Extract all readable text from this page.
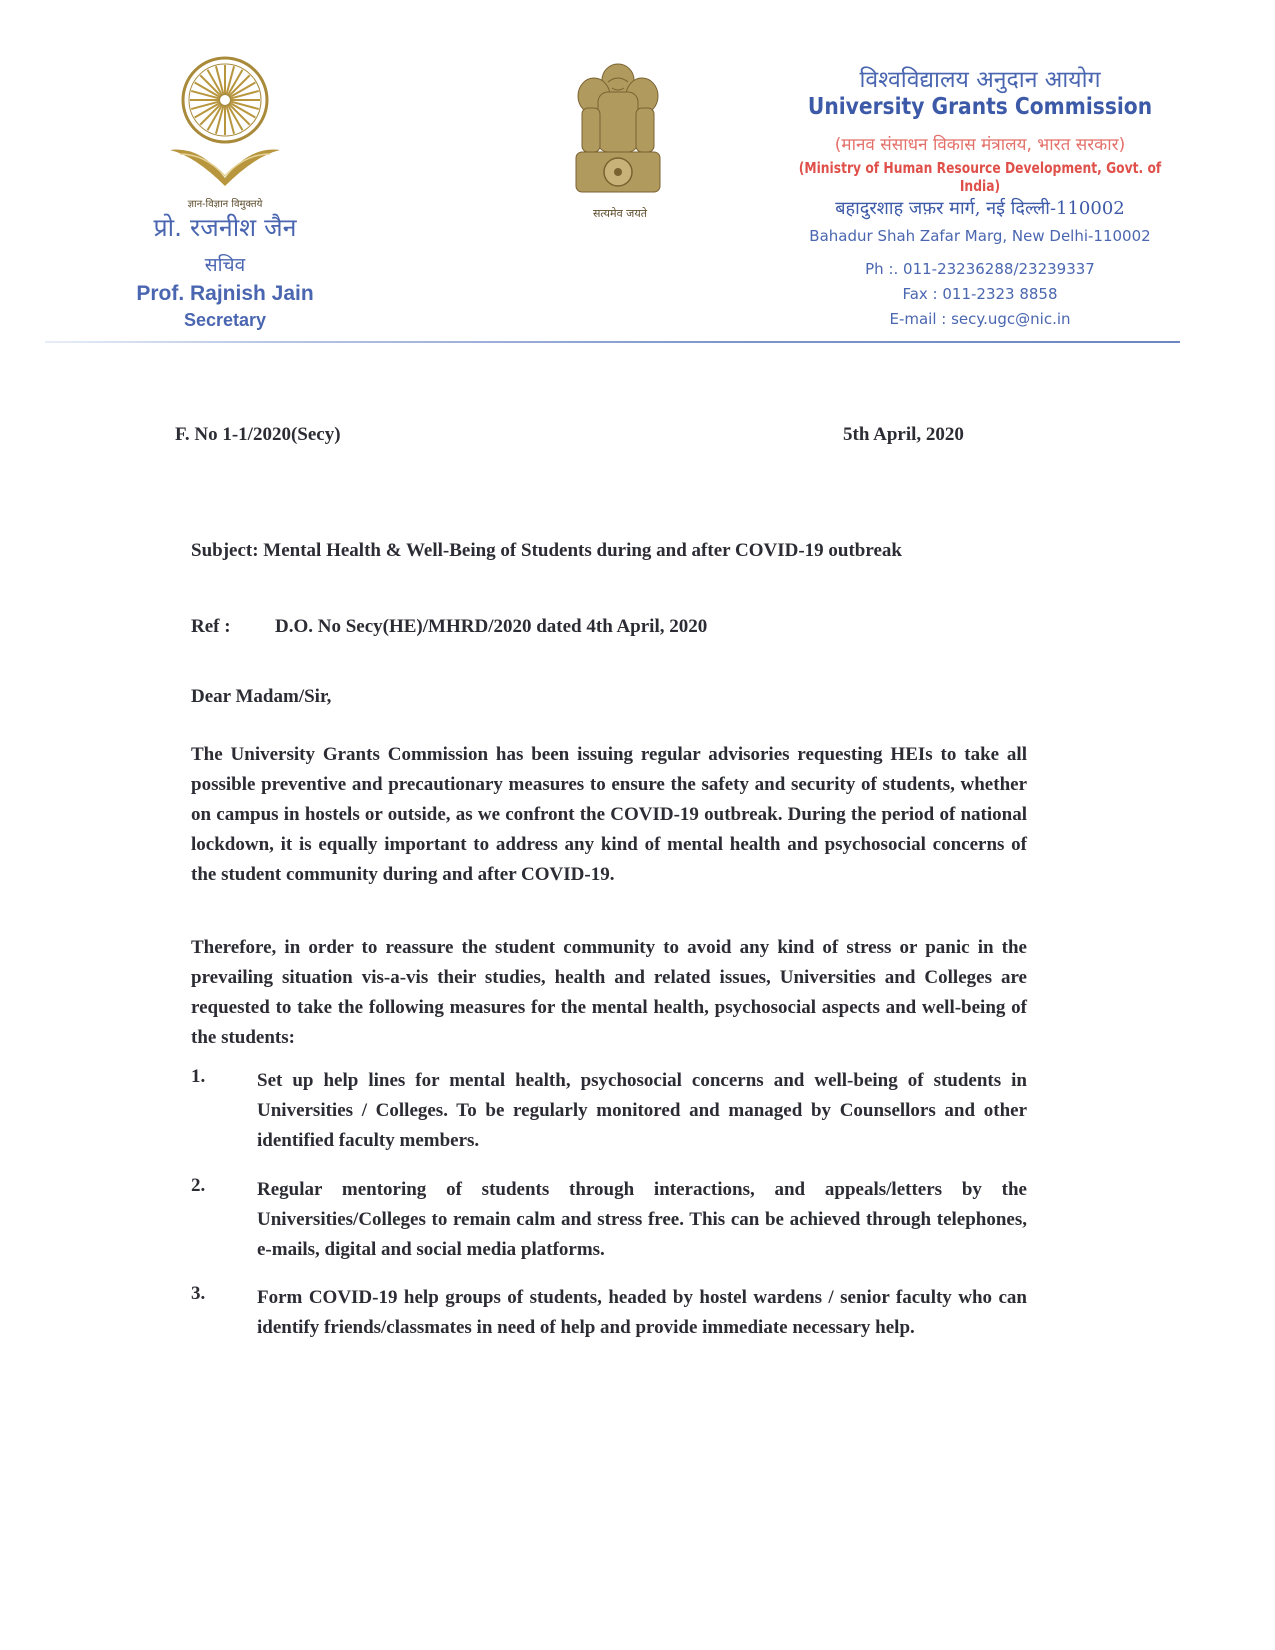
ज्ञान-विज्ञान विमुक्तये
प्रो. रजनीश जैन
सचिव
Prof. Rajnish Jain
Secretary
सत्यमेव जयते
विश्वविद्यालय अनुदान आयोग
University Grants Commission
(मानव संसाधन विकास मंत्रालय, भारत सरकार)
(Ministry of Human Resource Development, Govt. of India)
बहादुरशाह जफ़र मार्ग, नई दिल्ली-110002
Bahadur Shah Zafar Marg, New Delhi-110002
Ph :. 011-23236288/23239337
Fax : 011-2323 8858
E-mail : secy.ugc@nic.in
F. No 1-1/2020(Secy)	5th April, 2020
Subject: Mental Health & Well-Being of Students during and after COVID-19 outbreak
Ref : D.O. No Secy(HE)/MHRD/2020 dated 4th April, 2020
Dear Madam/Sir,
The University Grants Commission has been issuing regular advisories requesting HEIs to take all possible preventive and precautionary measures to ensure the safety and security of students, whether on campus in hostels or outside, as we confront the COVID-19 outbreak. During the period of national lockdown, it is equally important to address any kind of mental health and psychosocial concerns of the student community during and after COVID-19.
Therefore, in order to reassure the student community to avoid any kind of stress or panic in the prevailing situation vis-a-vis their studies, health and related issues, Universities and Colleges are requested to take the following measures for the mental health, psychosocial aspects and well-being of the students:
1.	Set up help lines for mental health, psychosocial concerns and well-being of students in Universities / Colleges. To be regularly monitored and managed by Counsellors and other identified faculty members.
2.	Regular mentoring of students through interactions, and appeals/letters by the Universities/Colleges to remain calm and stress free. This can be achieved through telephones, e-mails, digital and social media platforms.
3.	Form COVID-19 help groups of students, headed by hostel wardens / senior faculty who can identify friends/classmates in need of help and provide immediate necessary help.
